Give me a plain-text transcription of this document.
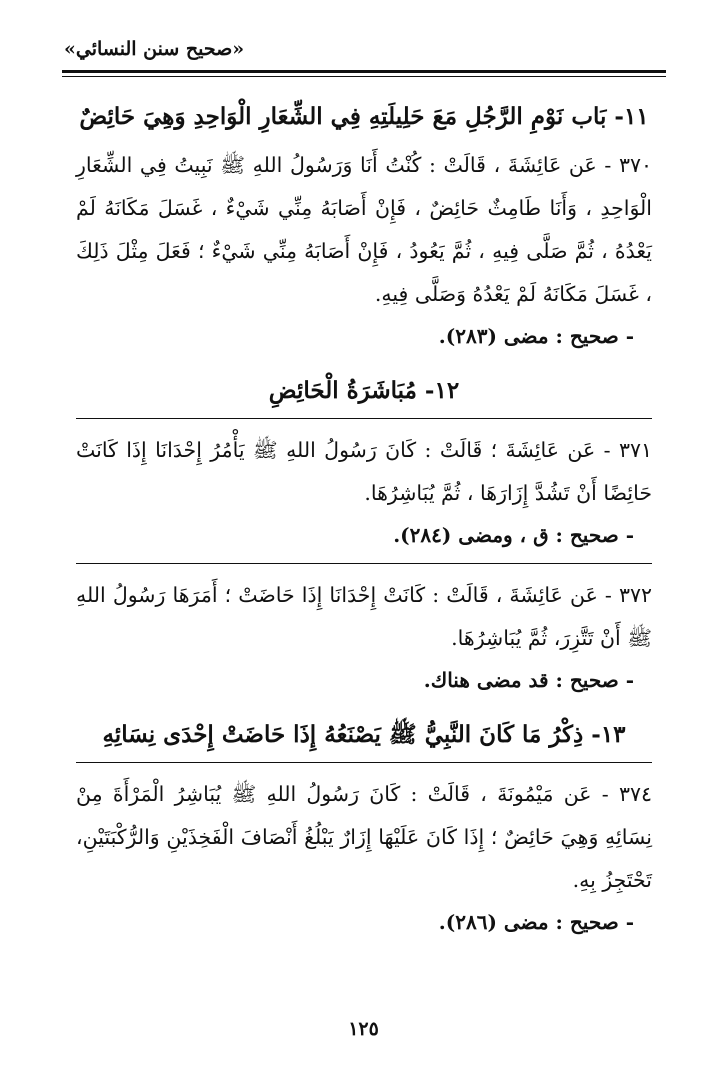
«صحيح سنن النسائي»
١١- بَاب نَوْمِ الرَّجُلِ مَعَ حَلِيلَتِهِ فِي الشِّعَارِ الْوَاحِدِ وَهِيَ حَائِضٌ

٣٧٠ - عَن عَائِشَةَ ، قَالَتْ : كُنْتُ أَنَا وَرَسُولُ اللهِ ﷺ نَبِيتُ فِي الشِّعَارِ الْوَاحِدِ ، وَأَنَا طَامِثٌ حَائِضٌ ، فَإِنْ أَصَابَهُ مِنِّي شَيْءٌ ، غَسَلَ مَكَانَهُ لَمْ يَعْدُهُ ، ثُمَّ صَلَّى فِيهِ ، ثُمَّ يَعُودُ ، فَإِنْ أَصَابَهُ مِنِّي شَيْءٌ ؛ فَعَلَ مِثْلَ ذَلِكَ ، غَسَلَ مَكَانَهُ لَمْ يَعْدُهُ وَصَلَّى فِيهِ.

- صحيح : مضى (٢٨٣).

١٢- مُبَاشَرَةُ الْحَائِضِ

٣٧١ - عَن عَائِشَةَ ؛ قَالَتْ : كَانَ رَسُولُ اللهِ ﷺ يَأْمُرُ إِحْدَانَا إِذَا كَانَتْ حَائِضًا أَنْ تَشُدَّ إِزَارَهَا ، ثُمَّ يُبَاشِرُهَا.

- صحيح : ق ، ومضى (٢٨٤).

٣٧٢ - عَن عَائِشَةَ ، قَالَتْ : كَانَتْ إِحْدَانَا إِذَا حَاضَتْ ؛ أَمَرَهَا رَسُولُ اللهِ ﷺ أَنْ تَتَّزِرَ، ثُمَّ يُبَاشِرُهَا.

- صحيح : قد مضى هناك.

١٣- ذِكْرُ مَا كَانَ النَّبِيُّ ﷺ يَصْنَعُهُ إِذَا حَاضَتْ إِحْدَى نِسَائِهِ

٣٧٤ - عَن مَيْمُونَةَ ، قَالَتْ : كَانَ رَسُولُ اللهِ ﷺ يُبَاشِرُ الْمَرْأَةَ مِنْ نِسَائِهِ وَهِيَ حَائِضٌ ؛ إِذَا كَانَ عَلَيْهَا إِزَارٌ يَبْلُغُ أَنْصَافَ الْفَخِذَيْنِ وَالرُّكْبَتَيْنِ، تَحْتَجِزُ بِهِ.

- صحيح : مضى (٢٨٦).

١٢٥
